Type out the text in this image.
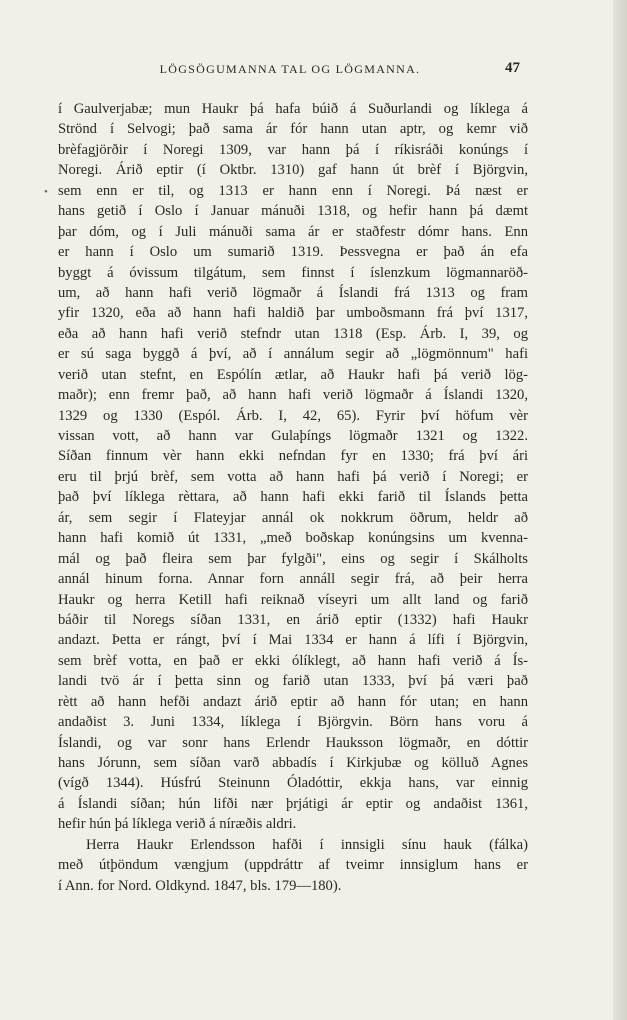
LÖGSÖGUMANNA TAL OG LÖGMANNA.	47
•
í Gaulverjabæ; mun Haukr þá hafa búið á Suðurlandi og líklega á
Strönd í Selvogi; það sama ár fór hann utan aptr, og kemr við
brèfagjörðir í Noregi 1309, var hann þá í ríkisráði konúngs í
Noregi. Árið eptir (í Oktbr. 1310) gaf hann út brèf í Björgvin,
sem enn er til, og 1313 er hann enn í Noregi. Þá næst er
hans getið í Oslo í Januar mánuði 1318, og hefir hann þá dæmt
þar dóm, og í Juli mánuði sama ár er staðfestr dómr hans. Enn
er hann í Oslo um sumarið 1319. Þessvegna er það án efa
byggt á óvissum tilgátum, sem finnst í íslenzkum lögmannaröð-
um, að hann hafi verið lögmaðr á Íslandi frá 1313 og fram
yfir 1320, eða að hann hafi haldið þar umboðsmann frá því 1317,
eða að hann hafi verið stefndr utan 1318 (Esp. Árb. I, 39, og
er sú saga byggð á því, að í annálum segir að „lögmönnum" hafi
verið utan stefnt, en Espólín ætlar, að Haukr hafi þá verið lög-
maðr); enn fremr það, að hann hafi verið lögmaðr á Íslandi 1320,
1329 og 1330 (Espól. Árb. I, 42, 65). Fyrir því höfum vèr
vissan vott, að hann var Gulaþíngs lögmaðr 1321 og 1322.
Síðan finnum vèr hann ekki nefndan fyr en 1330; frá því ári
eru til þrjú brèf, sem votta að hann hafi þá verið í Noregi; er
það því líklega rèttara, að hann hafi ekki farið til Íslands þetta
ár, sem segir í Flateyjar annál ok nokkrum öðrum, heldr að
hann hafi komið út 1331, „með boðskap konúngsins um kvenna-
mál og það fleira sem þar fylgði", eins og segir í Skálholts
annál hinum forna. Annar forn annáll segir frá, að þeir herra
Haukr og herra Ketill hafi reiknað víseyri um allt land og farið
báðir til Noregs síðan 1331, en árið eptir (1332) hafi Haukr
andazt. Þetta er rángt, því í Mai 1334 er hann á lífi í Björgvin,
sem brèf votta, en það er ekki ólíklegt, að hann hafi verið á Ís-
landi tvö ár í þetta sinn og farið utan 1333, því þá væri það
rètt að hann hefði andazt árið eptir að hann fór utan; en hann
andaðist 3. Juni 1334, líklega í Björgvin. Börn hans voru á
Íslandi, og var sonr hans Erlendr Hauksson lögmaðr, en dóttir
hans Jórunn, sem síðan varð abbadís í Kirkjubæ og kölluð Agnes
(vígð 1344). Húsfrú Steinunn Óladóttir, ekkja hans, var einnig
á Íslandi síðan; hún lifði nær þrjátigi ár eptir og andaðist 1361,
hefir hún þá líklega verið á níræðis aldri.
Herra Haukr Erlendsson hafði í innsigli sínu hauk (fálka)
með útþöndum vængjum (uppdráttr af tveimr innsiglum hans er
í Ann. for Nord. Oldkynd. 1847, bls. 179—180).
